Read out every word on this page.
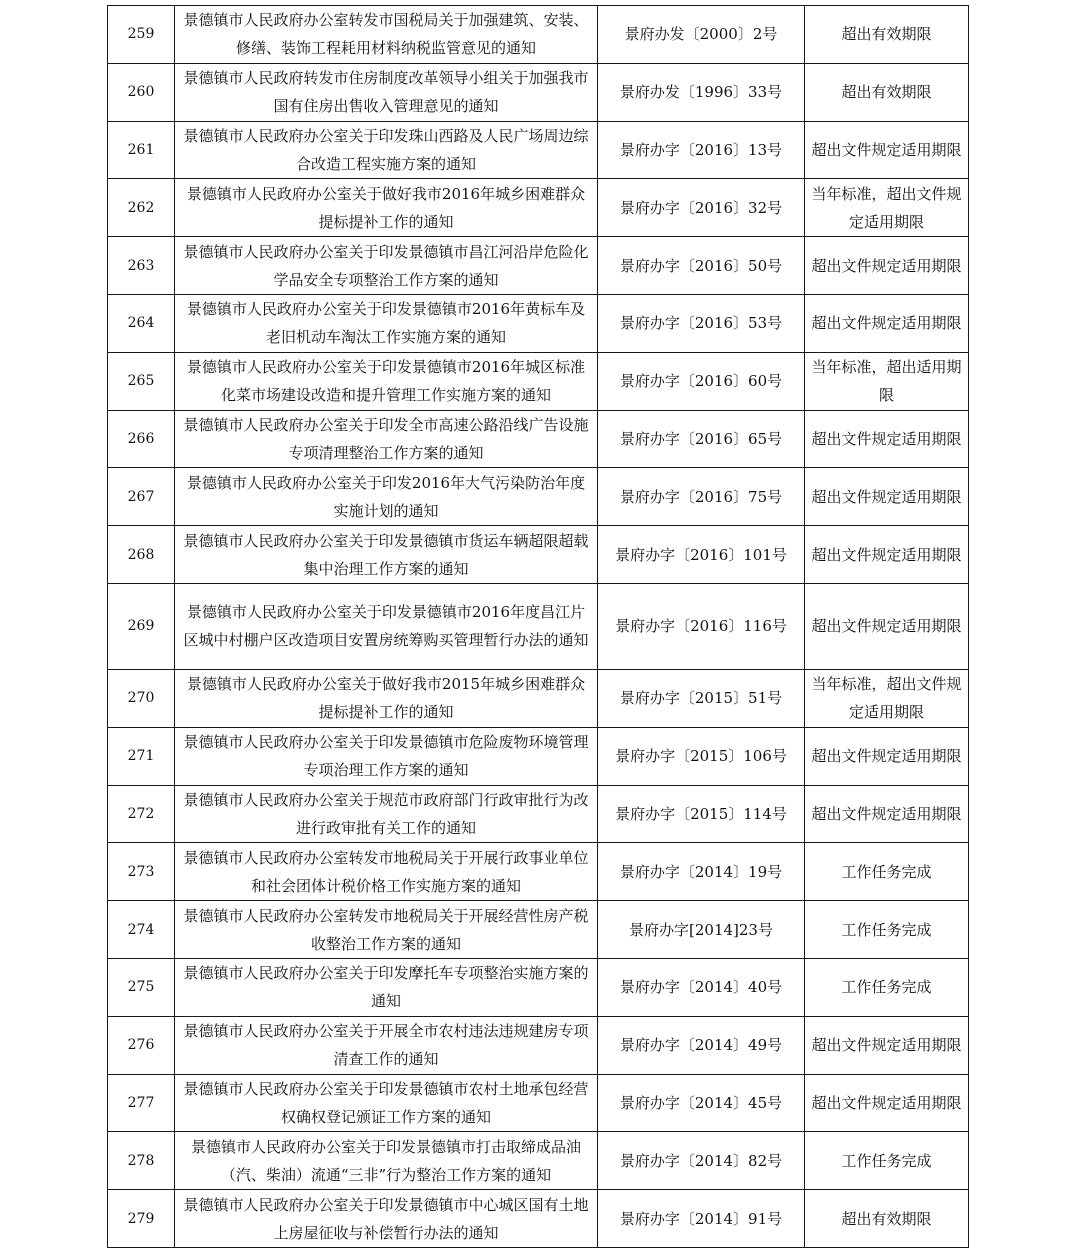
259	景德镇市人民政府办公室转发市国税局关于加强建筑、安装、修缮、装饰工程耗用材料纳税监管意见的通知	景府办发〔2000〕2号	超出有效期限
260	景德镇市人民政府转发市住房制度改革领导小组关于加强我市国有住房出售收入管理意见的通知	景府办发〔1996〕33号	超出有效期限
261	景德镇市人民政府办公室关于印发珠山西路及人民广场周边综合改造工程实施方案的通知	景府办字〔2016〕13号	超出文件规定适用期限
262	景德镇市人民政府办公室关于做好我市2016年城乡困难群众提标提补工作的通知	景府办字〔2016〕32号	当年标准，超出文件规定适用期限
263	景德镇市人民政府办公室关于印发景德镇市昌江河沿岸危险化学品安全专项整治工作方案的通知	景府办字〔2016〕50号	超出文件规定适用期限
264	景德镇市人民政府办公室关于印发景德镇市2016年黄标车及老旧机动车淘汰工作实施方案的通知	景府办字〔2016〕53号	超出文件规定适用期限
265	景德镇市人民政府办公室关于印发景德镇市2016年城区标准化菜市场建设改造和提升管理工作实施方案的通知	景府办字〔2016〕60号	当年标准，超出适用期限
266	景德镇市人民政府办公室关于印发全市高速公路沿线广告设施专项清理整治工作方案的通知	景府办字〔2016〕65号	超出文件规定适用期限
267	景德镇市人民政府办公室关于印发2016年大气污染防治年度实施计划的通知	景府办字〔2016〕75号	超出文件规定适用期限
268	景德镇市人民政府办公室关于印发景德镇市货运车辆超限超载集中治理工作方案的通知	景府办字〔2016〕101号	超出文件规定适用期限
269	景德镇市人民政府办公室关于印发景德镇市2016年度昌江片区城中村棚户区改造项目安置房统筹购买管理暂行办法的通知	景府办字〔2016〕116号	超出文件规定适用期限
270	景德镇市人民政府办公室关于做好我市2015年城乡困难群众提标提补工作的通知	景府办字〔2015〕51号	当年标准，超出文件规定适用期限
271	景德镇市人民政府办公室关于印发景德镇市危险废物环境管理专项治理工作方案的通知	景府办字〔2015〕106号	超出文件规定适用期限
272	景德镇市人民政府办公室关于规范市政府部门行政审批行为改进行政审批有关工作的通知	景府办字〔2015〕114号	超出文件规定适用期限
273	景德镇市人民政府办公室转发市地税局关于开展行政事业单位和社会团体计税价格工作实施方案的通知	景府办字〔2014〕19号	工作任务完成
274	景德镇市人民政府办公室转发市地税局关于开展经营性房产税收整治工作方案的通知	景府办字[2014]23号	工作任务完成
275	景德镇市人民政府办公室关于印发摩托车专项整治实施方案的通知	景府办字〔2014〕40号	工作任务完成
276	景德镇市人民政府办公室关于开展全市农村违法违规建房专项清查工作的通知	景府办字〔2014〕49号	超出文件规定适用期限
277	景德镇市人民政府办公室关于印发景德镇市农村土地承包经营权确权登记颁证工作方案的通知	景府办字〔2014〕45号	超出文件规定适用期限
278	景德镇市人民政府办公室关于印发景德镇市打击取缔成品油（汽、柴油）流通“三非”行为整治工作方案的通知	景府办字〔2014〕82号	工作任务完成
279	景德镇市人民政府办公室关于印发景德镇市中心城区国有土地上房屋征收与补偿暂行办法的通知	景府办字〔2014〕91号	超出有效期限
